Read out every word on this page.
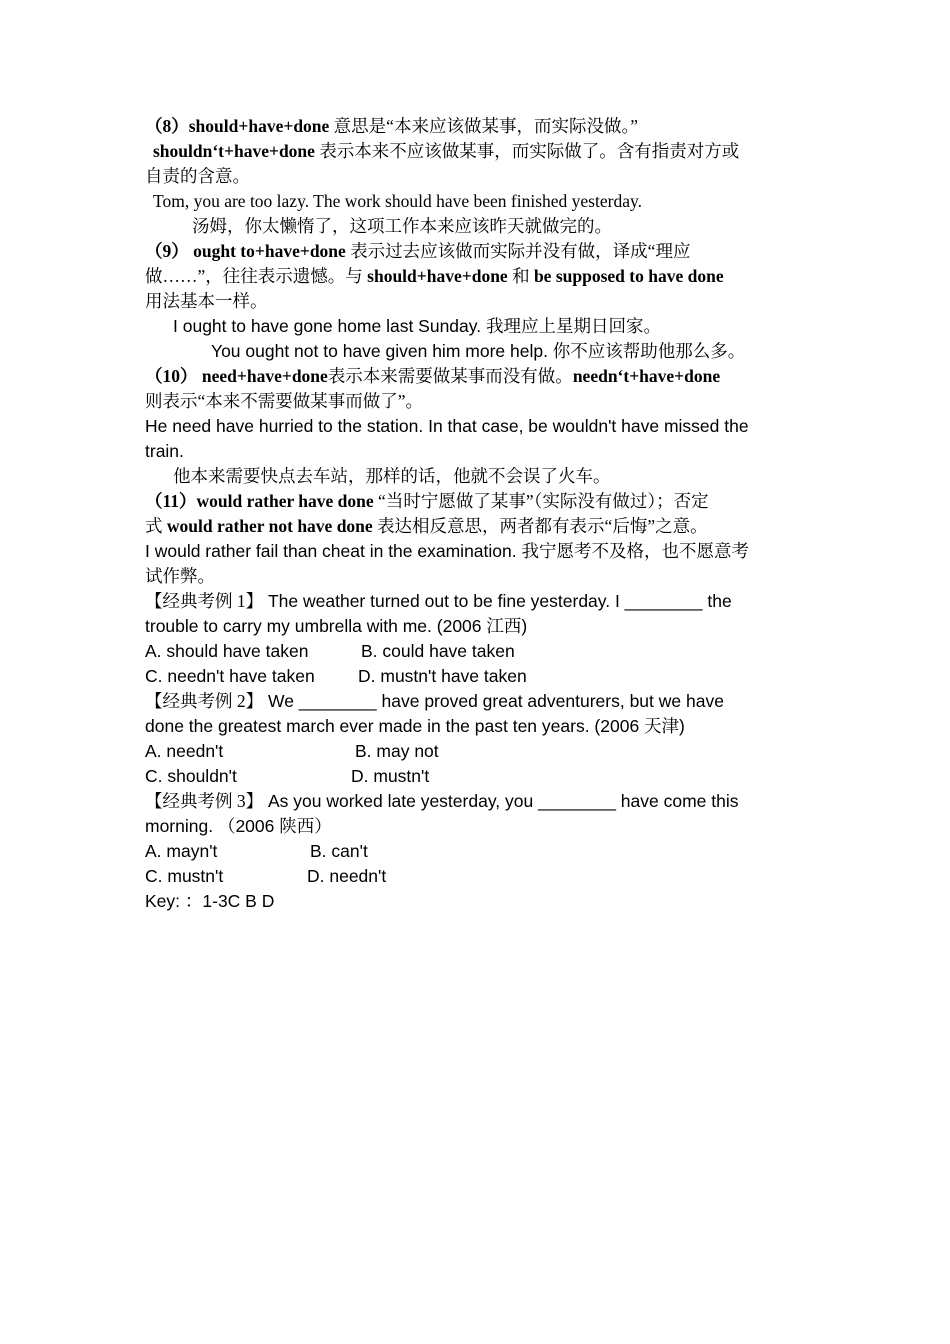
（8）should+have+done 意思是“本来应该做某事，而实际没做。”
shouldn‘t+have+done 表示本来不应该做某事，而实际做了。含有指责对方或
自责的含意。
Tom, you are too lazy. The work should have been finished yesterday.
汤姆，你太懒惰了，这项工作本来应该昨天就做完的。
（9） ought to+have+done 表示过去应该做而实际并没有做，译成“理应
做……”，往往表示遗憾。与 should+have+done 和 be supposed to have done
用法基本一样。
I ought to have gone home last Sunday. 我理应上星期日回家。
You ought not to have given him more help. 你不应该帮助他那么多。
（10） need+have+done表示本来需要做某事而没有做。needn‘t+have+done
则表示“本来不需要做某事而做了”。
He need have hurried to the station. In that case, be wouldn't have missed the
train.
他本来需要快点去车站，那样的话，他就不会误了火车。
（11）would rather have done “当时宁愿做了某事”（实际没有做过）；否定
式 would rather not have done 表达相反意思，两者都有表示“后悔”之意。
I would rather fail than cheat in the examination. 我宁愿考不及格，也不愿意考
试作弊。
【经典考例 1】 The weather turned out to be fine yesterday. I ________ the
trouble to carry my umbrella with me. (2006 江西)
A. should have taken	B. could have taken
C. needn't have taken D. mustn't have taken
【经典考例 2】 We ________ have proved great adventurers, but we have
done the greatest march ever made in the past ten years. (2006 天津)
A. needn't	B. may not
C. shouldn't	D. mustn't
【经典考例 3】 As you worked late yesterday, you ________ have come this
morning. （2006 陕西）
A. mayn't	B. can't
C. mustn't	D. needn't
Key: ：1-3C B D
